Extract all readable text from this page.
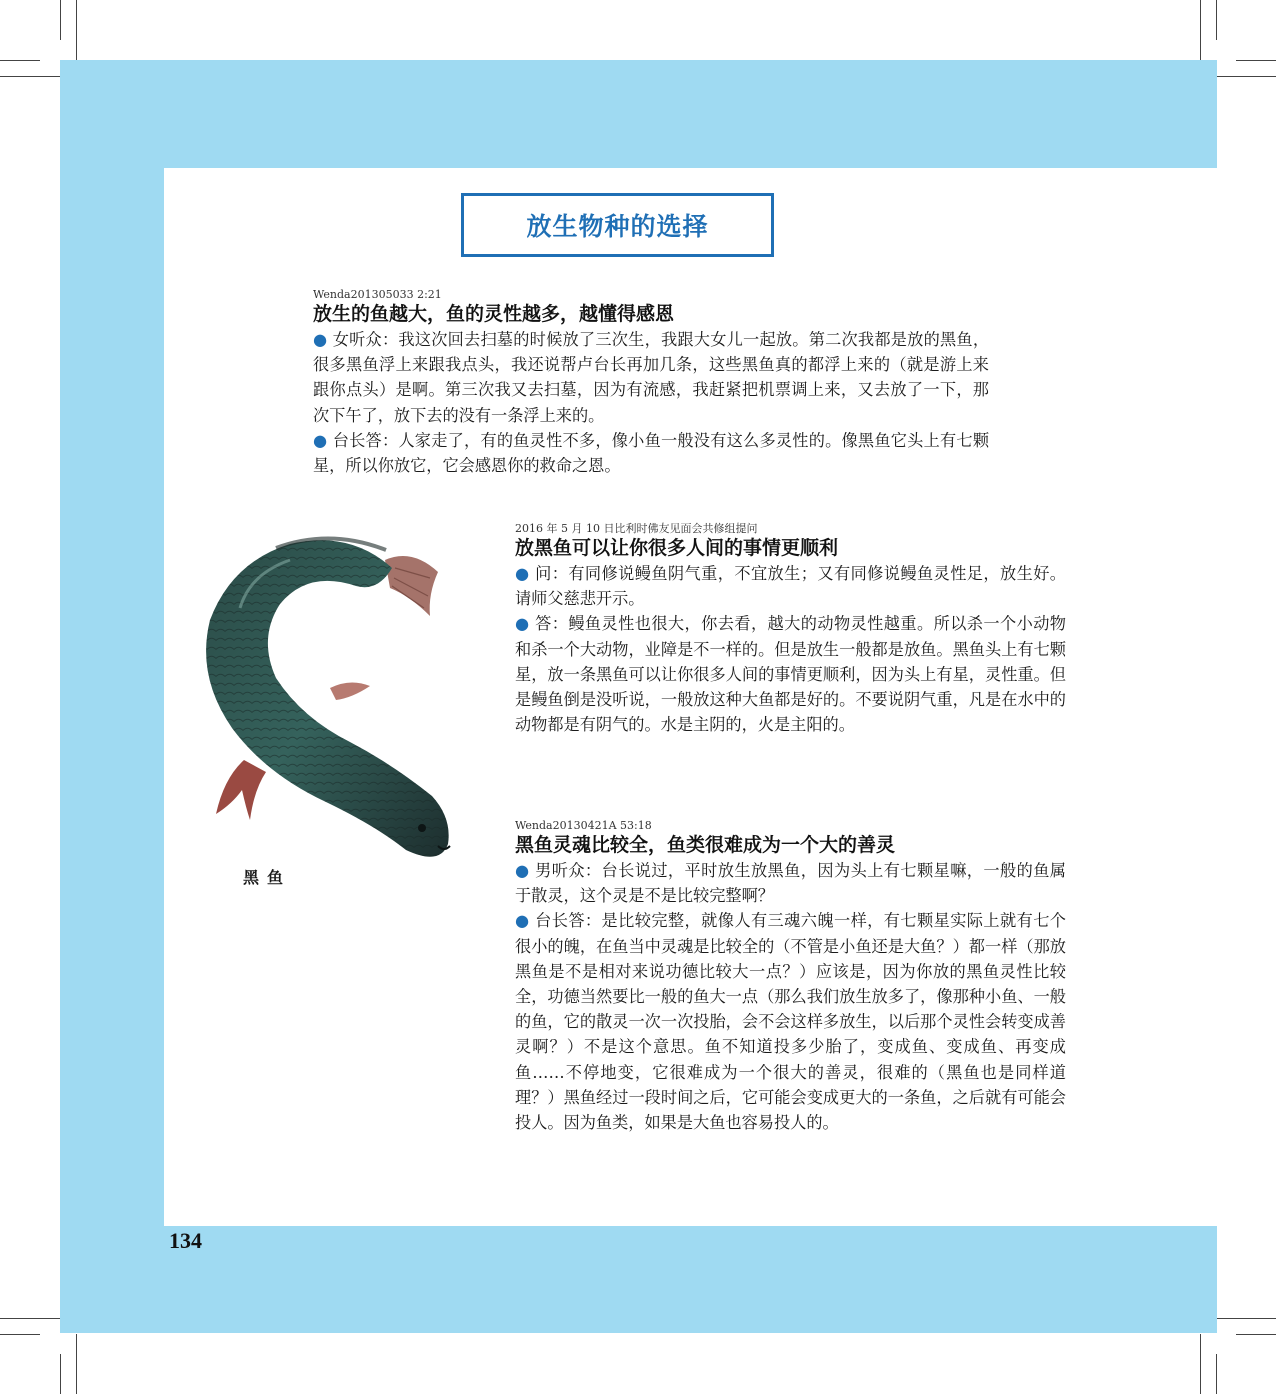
放生物种的选择

Wenda201305033 2:21

放生的鱼越大，鱼的灵性越多，越懂得感恩

● 女听众：我这次回去扫墓的时候放了三次生，我跟大女儿一起放。第二次我都是放的黑鱼，很多黑鱼浮上来跟我点头，我还说帮卢台长再加几条，这些黑鱼真的都浮上来的（就是游上来跟你点头）是啊。第三次我又去扫墓，因为有流感，我赶紧把机票调上来，又去放了一下，那次下午了，放下去的没有一条浮上来的。

● 台长答：人家走了，有的鱼灵性不多，像小鱼一般没有这么多灵性的。像黑鱼它头上有七颗星，所以你放它，它会感恩你的救命之恩。

黑鱼

2016 年 5 月 10 日比利时佛友见面会共修组提问

放黑鱼可以让你很多人间的事情更顺利

● 问：有同修说鳗鱼阴气重，不宜放生；又有同修说鳗鱼灵性足，放生好。请师父慈悲开示。

● 答：鳗鱼灵性也很大，你去看，越大的动物灵性越重。所以杀一个小动物和杀一个大动物，业障是不一样的。但是放生一般都是放鱼。黑鱼头上有七颗星，放一条黑鱼可以让你很多人间的事情更顺利，因为头上有星，灵性重。但是鳗鱼倒是没听说，一般放这种大鱼都是好的。不要说阴气重，凡是在水中的动物都是有阴气的。水是主阴的，火是主阳的。

Wenda20130421A 53:18

黑鱼灵魂比较全，鱼类很难成为一个大的善灵

● 男听众：台长说过，平时放生放黑鱼，因为头上有七颗星嘛，一般的鱼属于散灵，这个灵是不是比较完整啊？

● 台长答：是比较完整，就像人有三魂六魄一样，有七颗星实际上就有七个很小的魄，在鱼当中灵魂是比较全的（不管是小鱼还是大鱼？）都一样（那放黑鱼是不是相对来说功德比较大一点？）应该是，因为你放的黑鱼灵性比较全，功德当然要比一般的鱼大一点（那么我们放生放多了，像那种小鱼、一般的鱼，它的散灵一次一次投胎，会不会这样多放生，以后那个灵性会转变成善灵啊？）不是这个意思。鱼不知道投多少胎了，变成鱼、变成鱼、再变成鱼……不停地变，它很难成为一个很大的善灵，很难的（黑鱼也是同样道理？）黑鱼经过一段时间之后，它可能会变成更大的一条鱼，之后就有可能会投人。因为鱼类，如果是大鱼也容易投人的。

134
